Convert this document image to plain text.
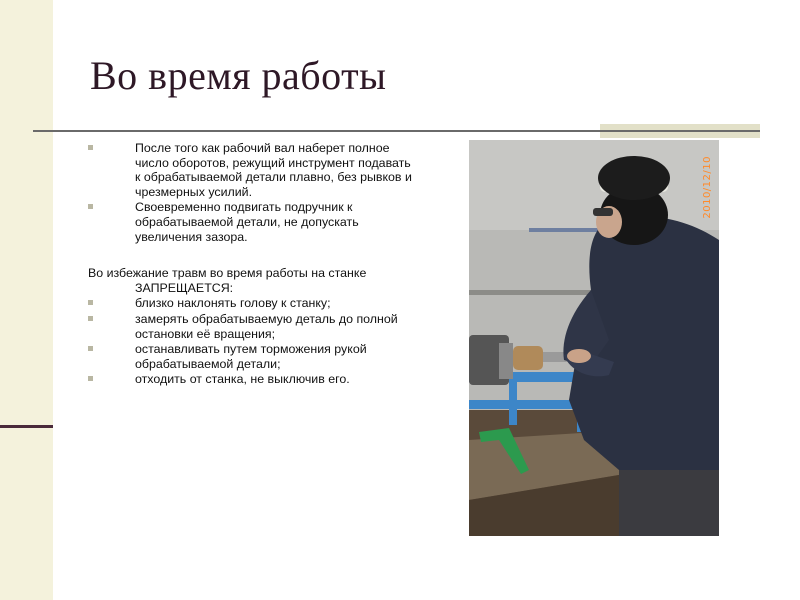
Во время работы
После того как рабочий вал наберет полное число оборотов, режущий инструмент подавать к обрабатываемой детали плавно, без рывков и чрезмерных усилий.
Своевременно подвигать подручник к обрабатываемой детали, не допускать увеличения зазора.
Во избежание травм во время работы на станке ЗАПРЕЩАЕТСЯ:
близко наклонять голову к станку;
замерять обрабатываемую деталь до полной остановки её вращения;
останавливать путем торможения рукой обрабатываемой детали;
отходить от станка, не выключив его.
2010/12/10
